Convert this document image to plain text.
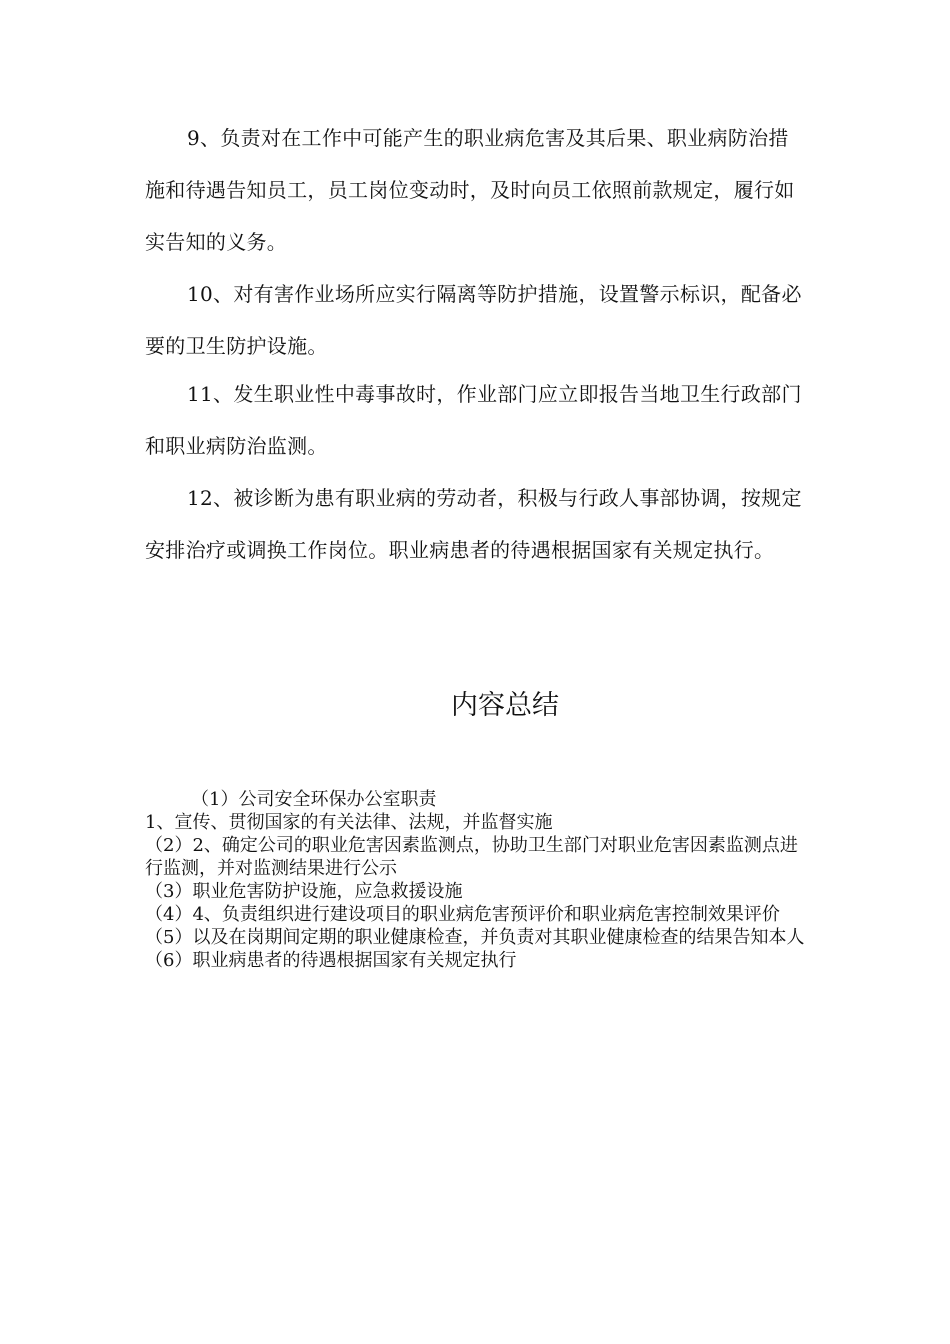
9、负责对在工作中可能产生的职业病危害及其后果、职业病防治措施和待遇告知员工，员工岗位变动时，及时向员工依照前款规定，履行如实告知的义务。

10、对有害作业场所应实行隔离等防护措施，设置警示标识，配备必要的卫生防护设施。

11、发生职业性中毒事故时，作业部门应立即报告当地卫生行政部门和职业病防治监测。

12、被诊断为患有职业病的劳动者，积极与行政人事部协调，按规定安排治疗或调换工作岗位。职业病患者的待遇根据国家有关规定执行。

内容总结
（1）公司安全环保办公室职责
1、宣传、贯彻国家的有关法律、法规，并监督实施
（2）2、确定公司的职业危害因素监测点，协助卫生部门对职业危害因素监测点进行监测，并对监测结果进行公示
（3）职业危害防护设施，应急救援设施
（4）4、负责组织进行建设项目的职业病危害预评价和职业病危害控制效果评价
（5）以及在岗期间定期的职业健康检查，并负责对其职业健康检查的结果告知本人
（6）职业病患者的待遇根据国家有关规定执行
